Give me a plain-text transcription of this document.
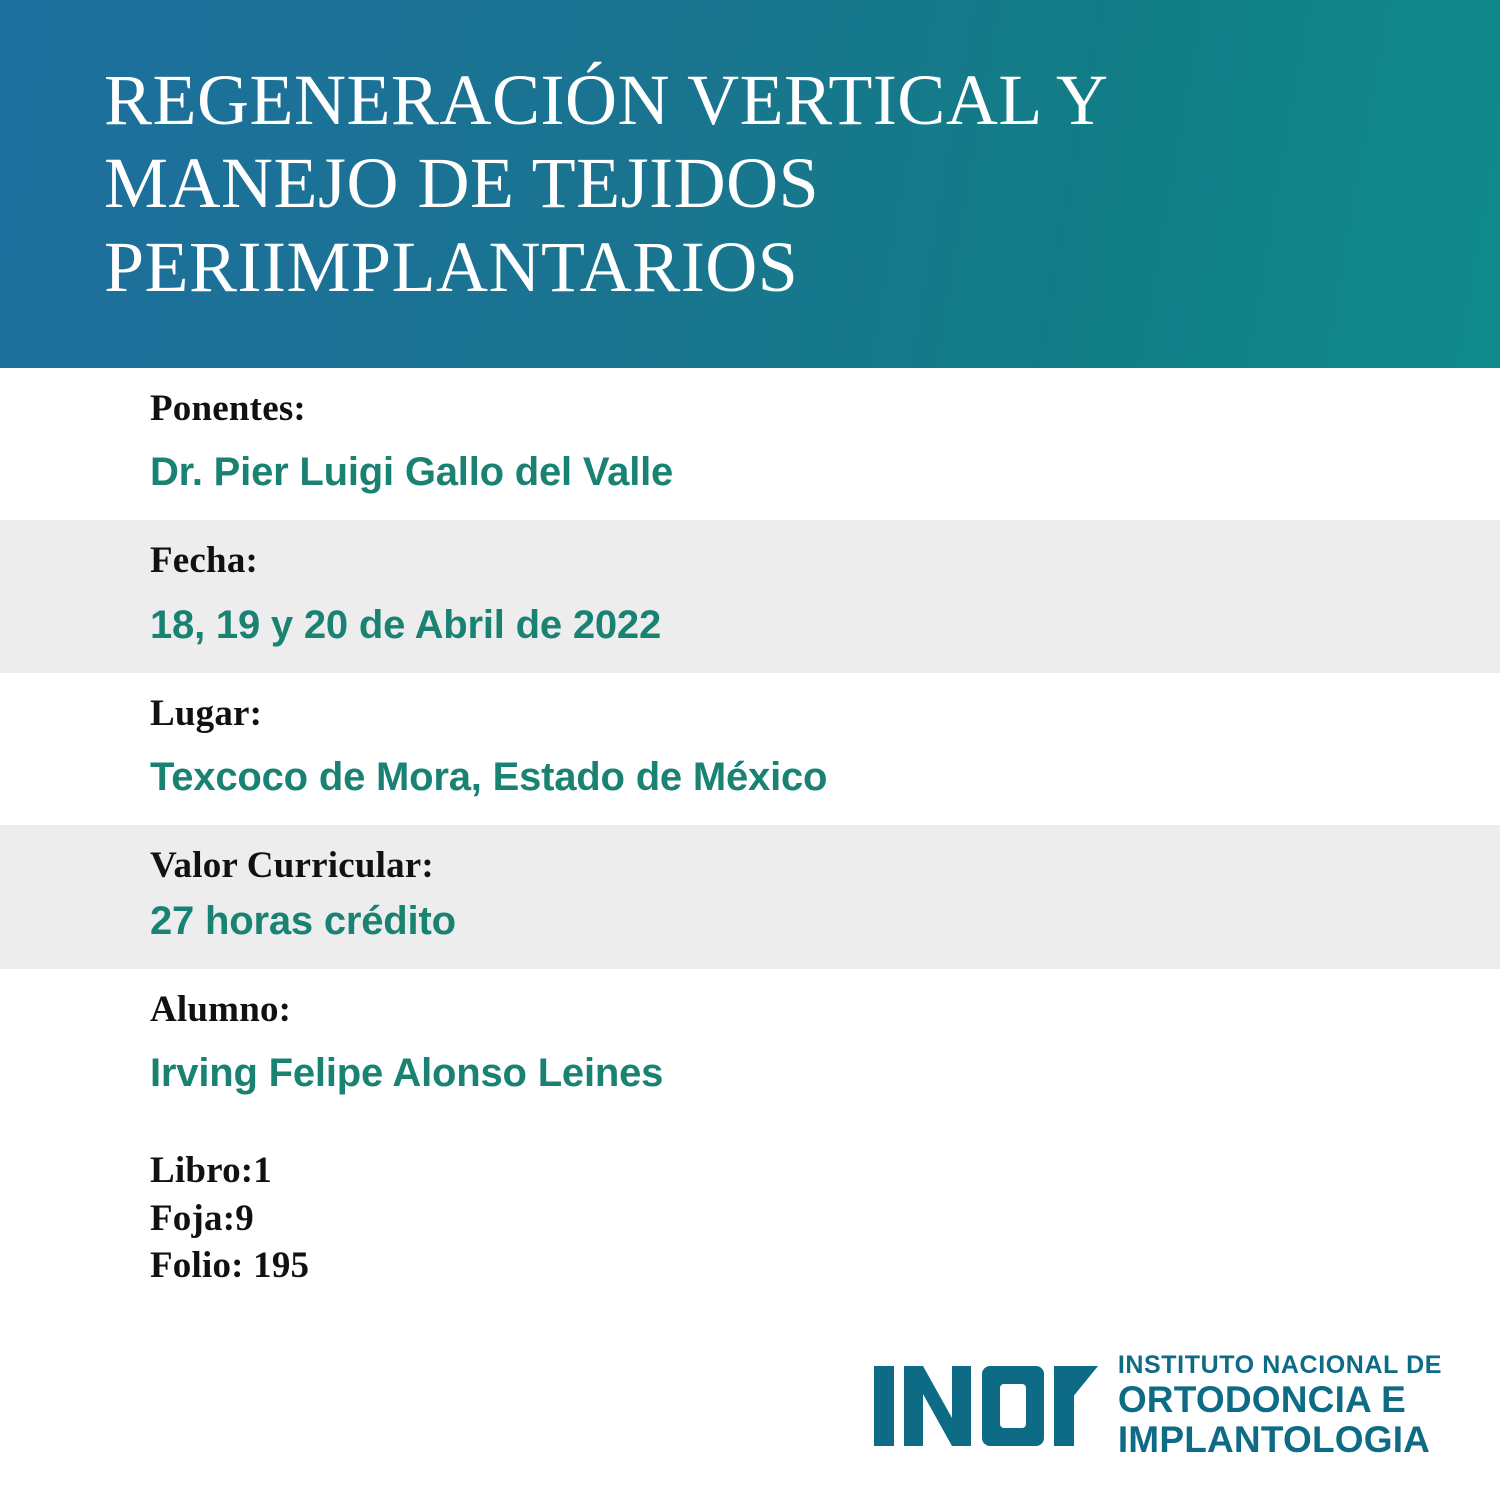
REGENERACIÓN VERTICAL Y MANEJO DE TEJIDOS PERIIMPLANTARIOS
Ponentes:
Dr. Pier Luigi Gallo del Valle
Fecha:
18, 19 y 20 de Abril de 2022
Lugar:
Texcoco de Mora, Estado de México
Valor Curricular:
27 horas crédito
Alumno:
Irving Felipe Alonso Leines
Libro:1
Foja:9
Folio: 195
INSTITUTO NACIONAL DE
ORTODONCIA E
IMPLANTOLOGIA
